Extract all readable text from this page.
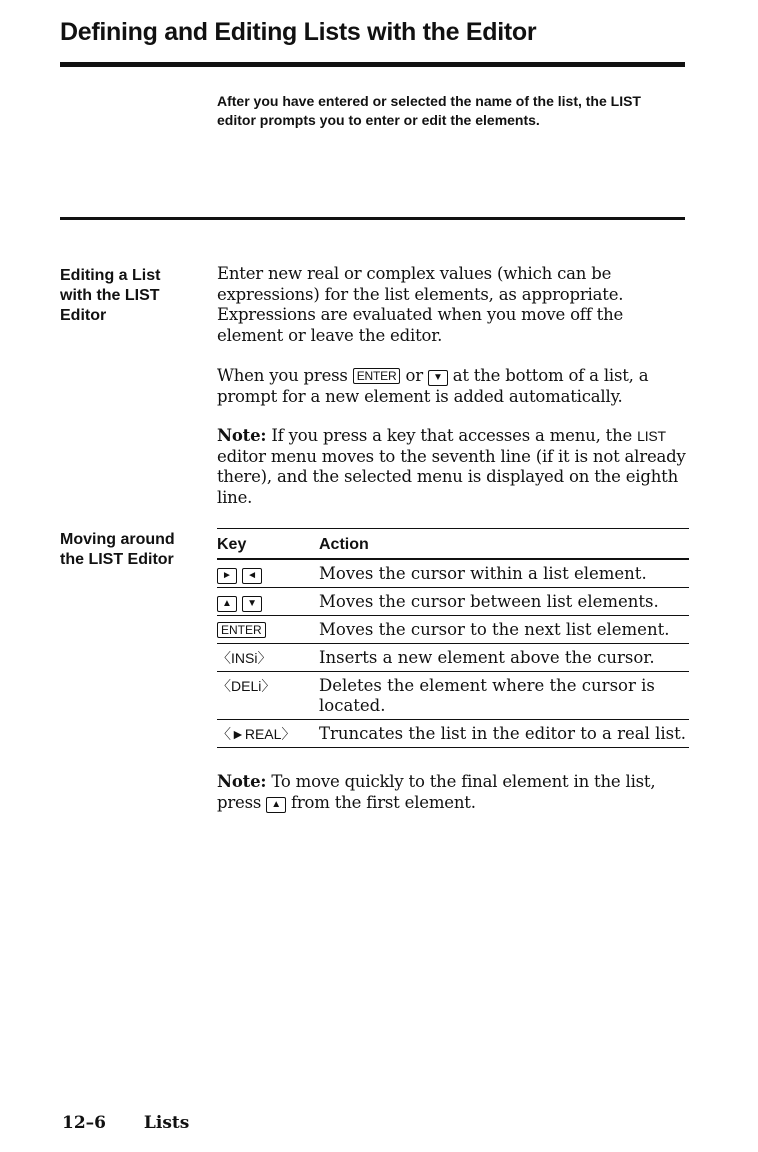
Defining and Editing Lists with the Editor
After you have entered or selected the name of the list, the LIST editor prompts you to enter or edit the elements.
Editing a List
with the LIST
Editor
Enter new real or complex values (which can be expressions) for the list elements, as appropriate. Expressions are evaluated when you move off the element or leave the editor.
When you press ENTER or ▼ at the bottom of a list, a prompt for a new element is added automatically.
Note: If you press a key that accesses a menu, the LIST editor menu moves to the seventh line (if it is not already there), and the selected menu is displayed on the eighth line.
Moving around
the LIST Editor
Key	Action
► ◄	Moves the cursor within a list element.
▲ ▼	Moves the cursor between list elements.
ENTER	Moves the cursor to the next list element.
〈INSi〉	Inserts a new element above the cursor.
〈DELi〉	Deletes the element where the cursor is located.
〈►REAL〉	Truncates the list in the editor to a real list.
Note: To move quickly to the final element in the list, press ▲ from the first element.
12–6 Lists
